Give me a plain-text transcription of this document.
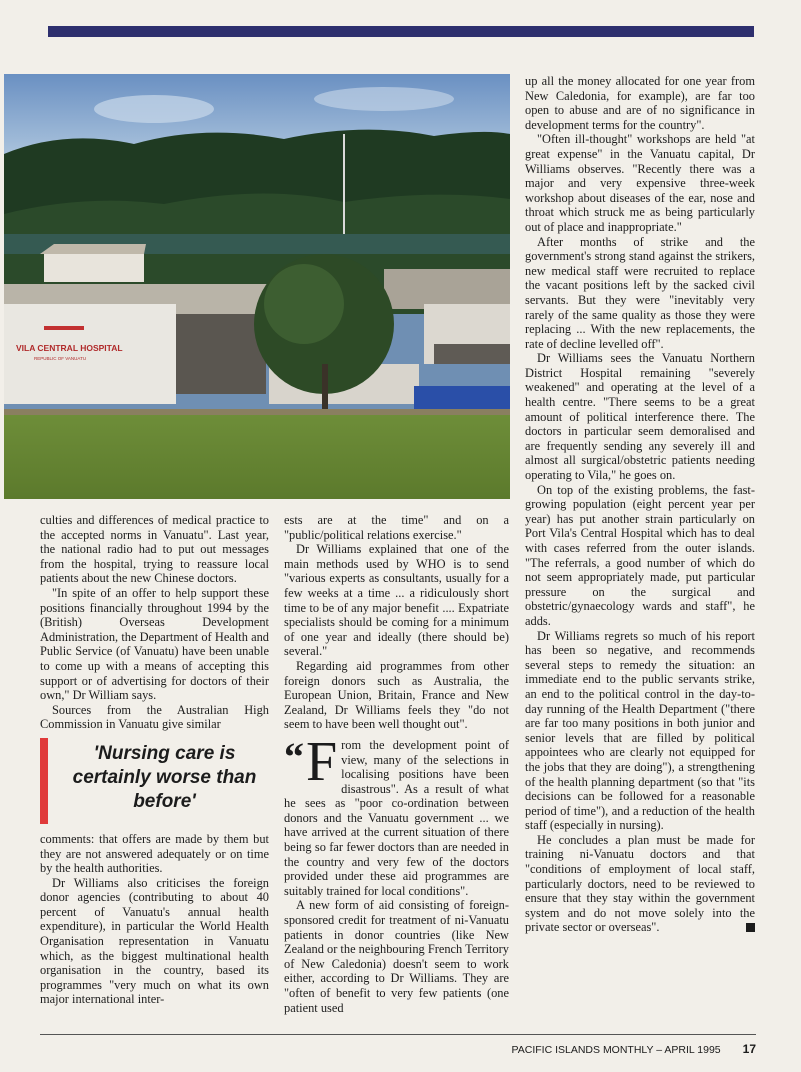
VILA CENTRAL HOSPITAL
REPUBLIC OF VANUATU

culties and differences of medical practice to the accepted norms in Vanuatu". Last year, the national radio had to put out messages from the hospital, trying to reassure local patients about the new Chinese doctors.

"In spite of an offer to help support these positions financially throughout 1994 by the (British) Overseas Development Administration, the Department of Health and Public Service (of Vanuatu) have been unable to come up with a means of accepting this support or of advertising for doctors of their own," Dr William says.

Sources from the Australian High Commission in Vanuatu give similar

'Nursing care is certainly worse than before'

comments: that offers are made by them but they are not answered adequately or on time by the health authorities.

Dr Williams also criticises the foreign donor agencies (contributing to about 40 percent of Vanuatu's annual health expenditure), in particular the World Health Organisation representation in Vanuatu which, as the biggest multinational health organisation in the country, based its programmes "very much on what its own major international inter-

ests are at the time" and on a "public/political relations exercise."

Dr Williams explained that one of the main methods used by WHO is to send "various experts as consultants, usually for a few weeks at a time ... a ridiculously short time to be of any major benefit .... Expatriate specialists should be coming for a minimum of one year and ideally (there should be) several."

Regarding aid programmes from other foreign donors such as Australia, the European Union, Britain, France and New Zealand, Dr Williams feels they "do not seem to have been well thought out".

“ F rom the development point of view, many of the selections in localising positions have been disastrous". As a result of what he sees as "poor co-ordination between donors and the Vanuatu government ... we have arrived at the current situation of there being so far fewer doctors than are needed in the country and very few of the doctors provided under these aid programmes are suitably trained for local conditions".

A new form of aid consisting of foreign-sponsored credit for treatment of ni-Vanuatu patients in donor countries (like New Zealand or the neighbouring French Territory of New Caledonia) doesn't seem to work either, according to Dr Williams. They are "often of benefit to very few patients (one patient used

up all the money allocated for one year from New Caledonia, for example), are far too open to abuse and are of no significance in development terms for the country".

"Often ill-thought" workshops are held "at great expense" in the Vanuatu capital, Dr Williams observes. "Recently there was a major and very expensive three-week workshop about diseases of the ear, nose and throat which struck me as being particularly out of place and inappropriate."

After months of strike and the government's strong stand against the strikers, new medical staff were recruited to replace the vacant positions left by the sacked civil servants. But they were "inevitably very rarely of the same quality as those they were replacing ... With the new replacements, the rate of decline levelled off".

Dr Williams sees the Vanuatu Northern District Hospital remaining "severely weakened" and operating at the level of a health centre. "There seems to be a great amount of political interference there. The doctors in particular seem demoralised and are frequently sending any severely ill and almost all surgical/obstetric patients needing operating to Vila," he goes on.

On top of the existing problems, the fast-growing population (eight percent year per year) has put another strain particularly on Port Vila's Central Hospital which has to deal with cases referred from the outer islands. "The referrals, a good number of which do not seem appropriately made, put particular pressure on the surgical and obstetric/gynaecology wards and staff", he adds.

Dr Williams regrets so much of his report has been so negative, and recommends several steps to remedy the situation: an immediate end to the public servants strike, an end to the political control in the day-to-day running of the Health Department ("there are far too many positions in both junior and senior levels that are filled by political appointees who are clearly not equipped for the jobs that they are doing"), a strengthening of the health planning department (so that "its decisions can be followed for a reasonable period of time"), and a reduction of the health staff (especially in nursing).

He concludes a plan must be made for training ni-Vanuatu doctors and that "conditions of employment of local staff, particularly doctors, need to be reviewed to ensure that they stay within the government system and do not move solely into the private sector or overseas".

PACIFIC ISLANDS MONTHLY – APRIL 1995 17
